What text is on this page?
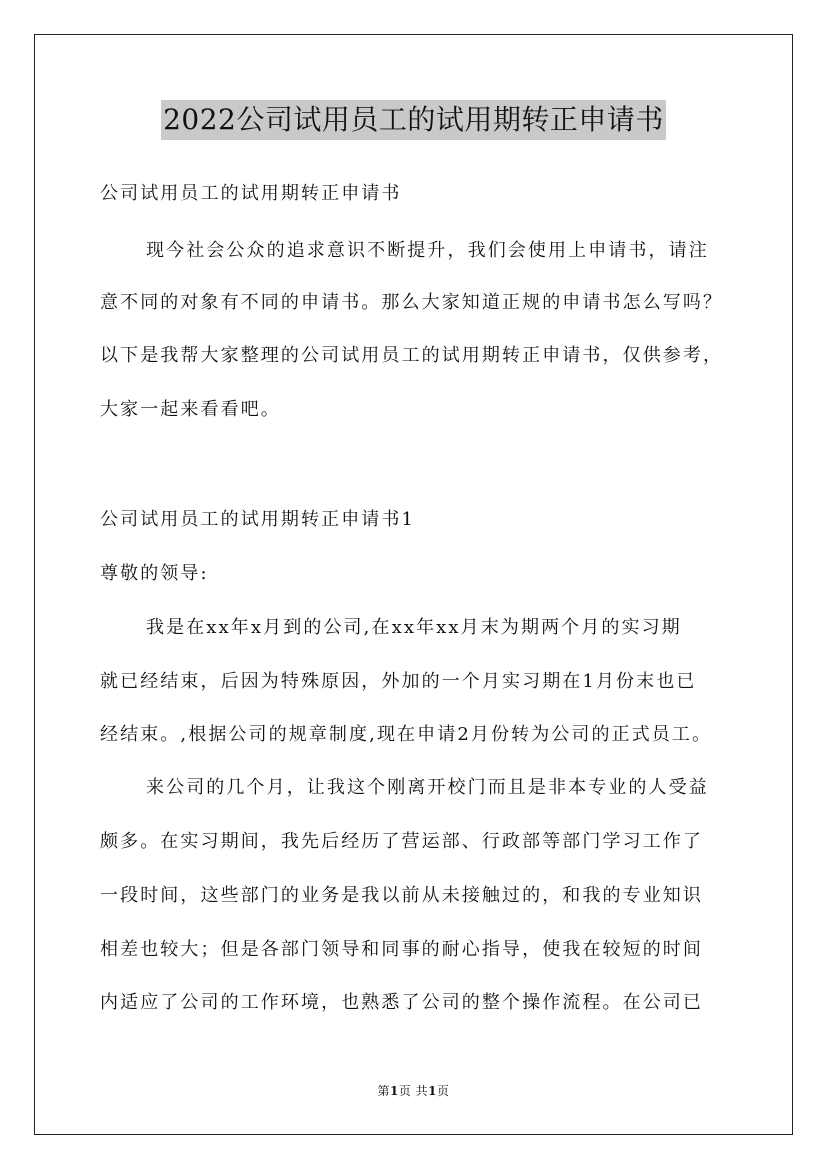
2022公司试用员工的试用期转正申请书
公司试用员工的试用期转正申请书
现今社会公众的追求意识不断提升，我们会使用上申请书，请注
意不同的对象有不同的申请书。那么大家知道正规的申请书怎么写吗？
以下是我帮大家整理的公司试用员工的试用期转正申请书，仅供参考，
大家一起来看看吧。
公司试用员工的试用期转正申请书1
尊敬的领导:
我是在xx年x月到的公司,在xx年xx月末为期两个月的实习期
就已经结束，后因为特殊原因，外加的一个月实习期在1月份末也已
经结束。,根据公司的规章制度,现在申请2月份转为公司的正式员工。
来公司的几个月，让我这个刚离开校门而且是非本专业的人受益
颇多。在实习期间，我先后经历了营运部、行政部等部门学习工作了
一段时间，这些部门的业务是我以前从未接触过的，和我的专业知识
相差也较大；但是各部门领导和同事的耐心指导，使我在较短的时间
内适应了公司的工作环境，也熟悉了公司的整个操作流程。在公司已
第1页 共1页
